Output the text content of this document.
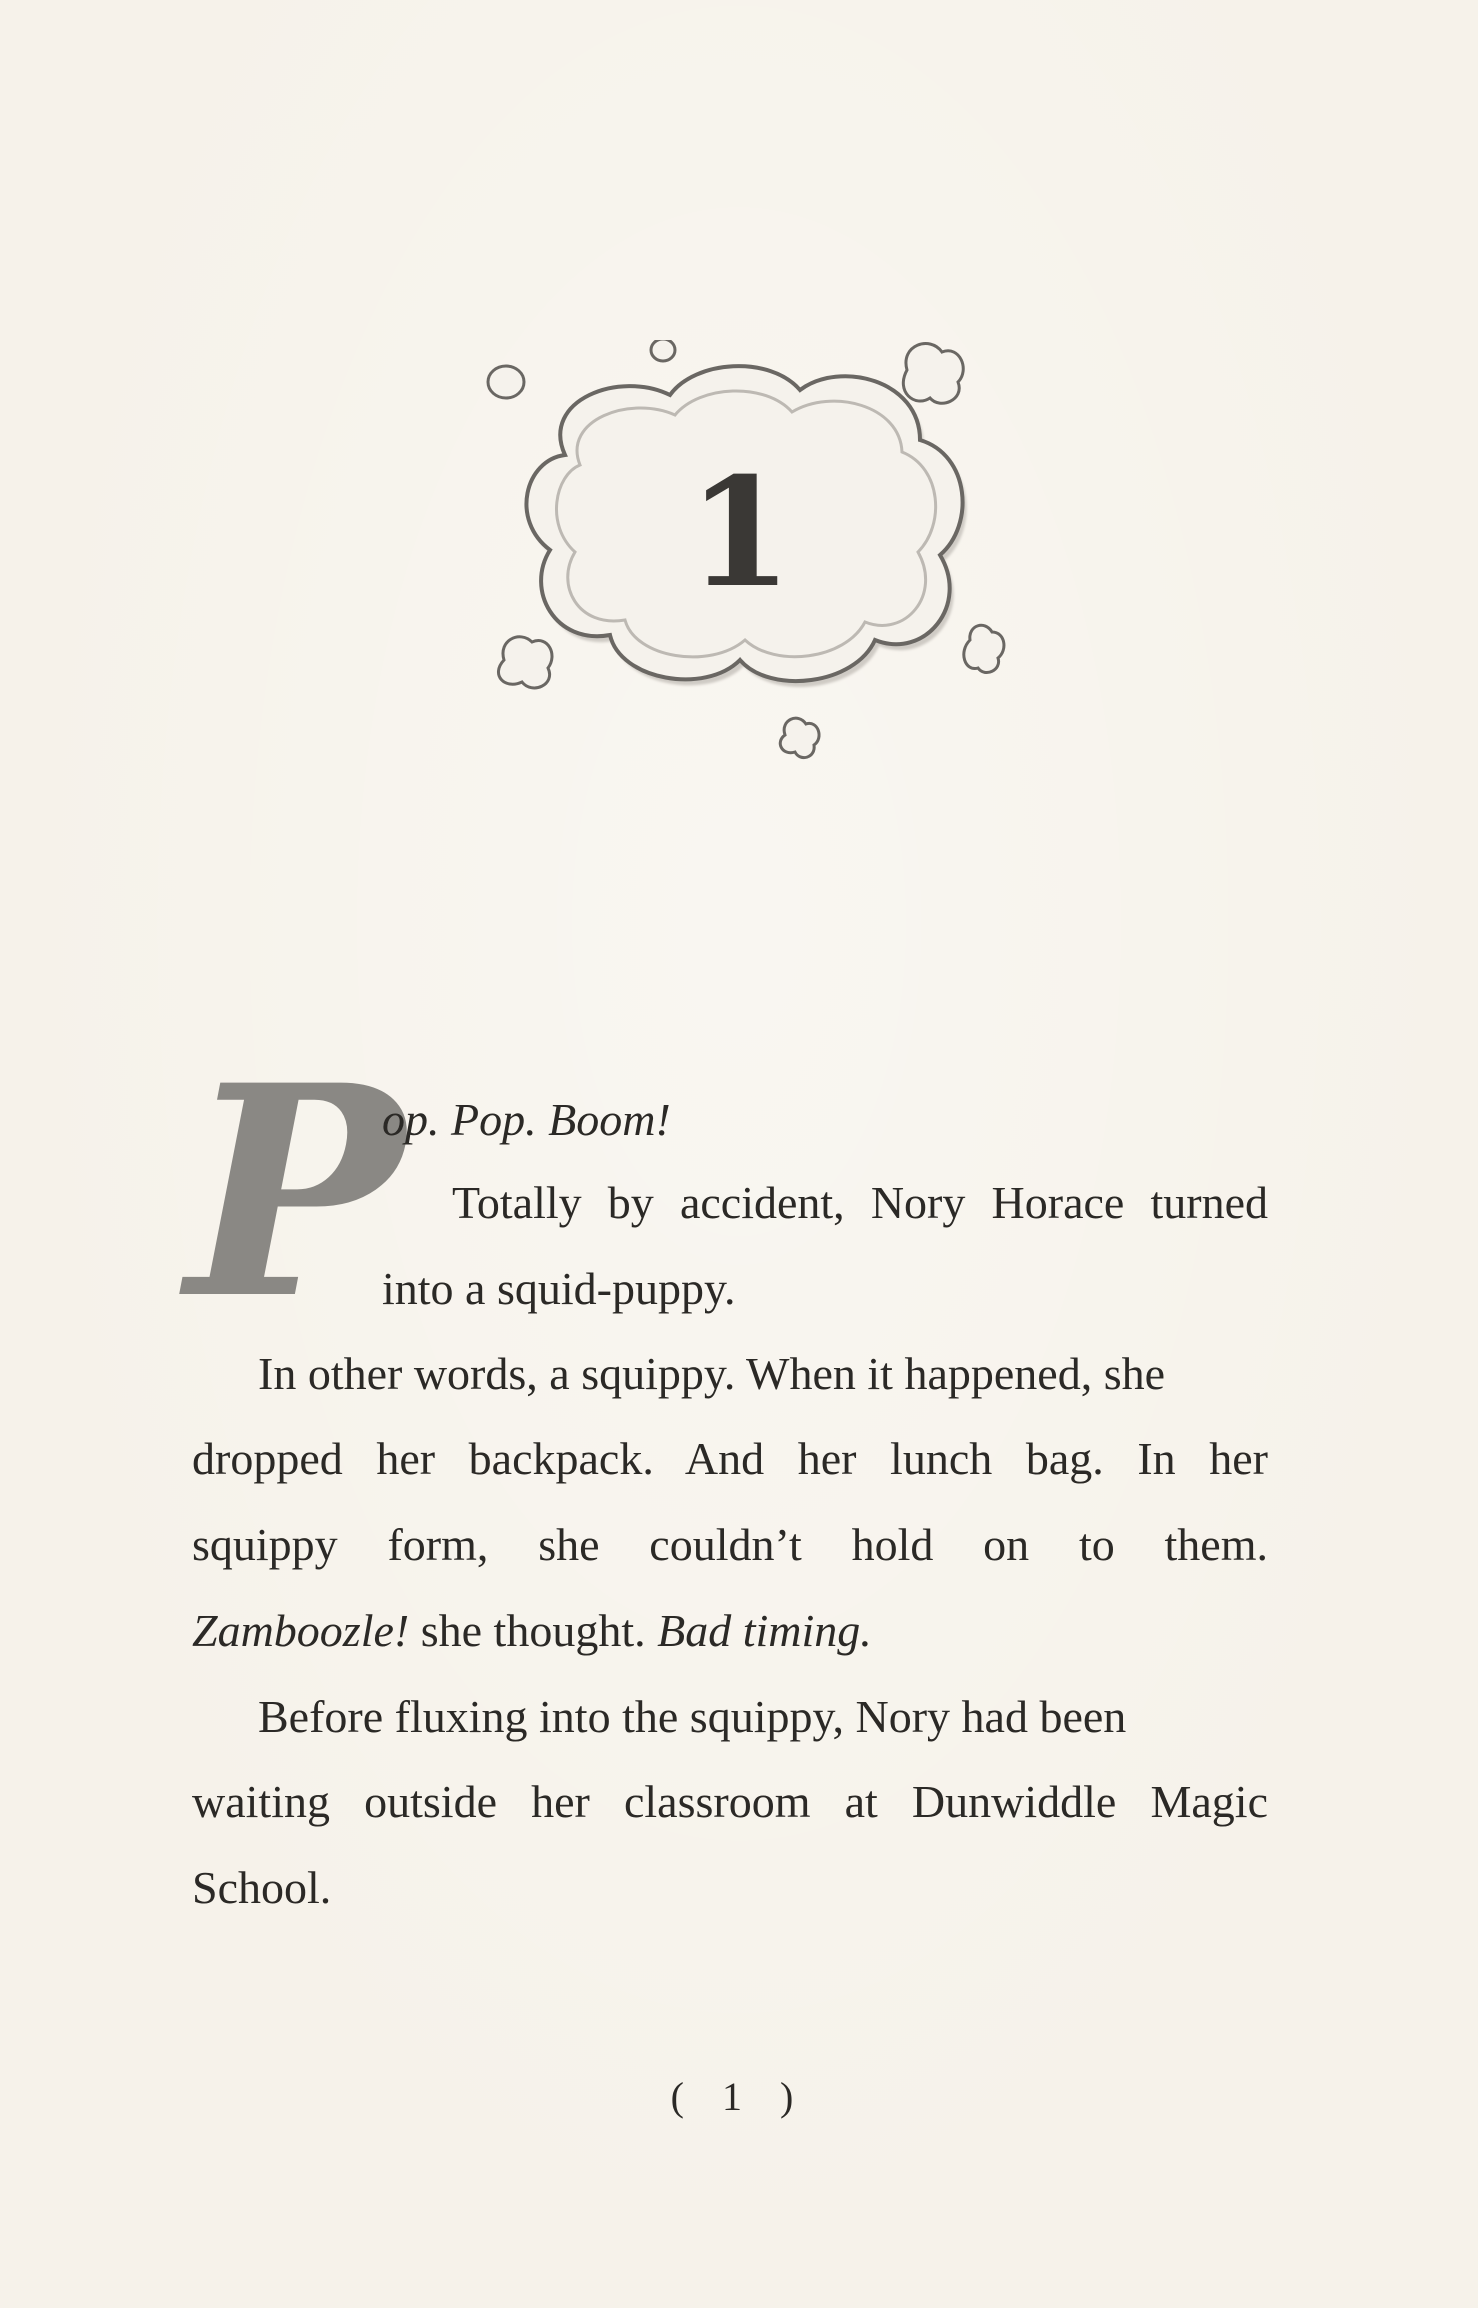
1
P
op. Pop. Boom!
Totally by accident, Nory Horace turned
into a squid-puppy.
In other words, a squippy. When it happened, she
dropped her backpack. And her lunch bag. In her
squippy form, she couldn’t hold on to them.
Zamboozle! she thought. Bad timing.
Before fluxing into the squippy, Nory had been
waiting outside her classroom at Dunwiddle Magic
School.
( 1 )
